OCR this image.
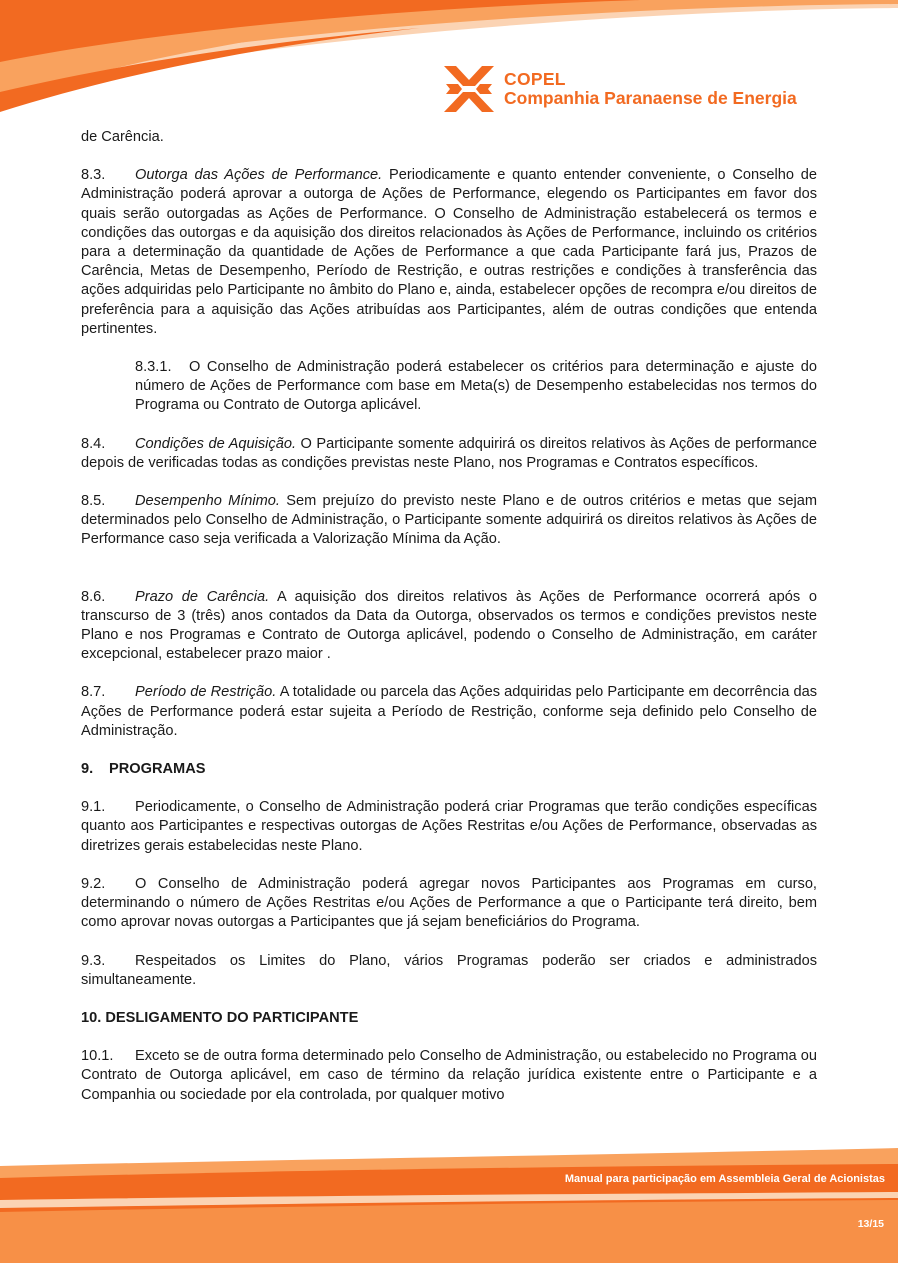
COPEL
Companhia Paranaense de Energia

de Carência.

8.3. Outorga das Ações de Performance. Periodicamente e quanto entender conveniente, o Conselho de Administração poderá aprovar a outorga de Ações de Performance, elegendo os Participantes em favor dos quais serão outorgadas as Ações de Performance. O Conselho de Administração estabelecerá os termos e condições das outorgas e da aquisição dos direitos relacionados às Ações de Performance, incluindo os critérios para a determinação da quantidade de Ações de Performance a que cada Participante fará jus, Prazos de Carência, Metas de Desempenho, Período de Restrição, e outras restrições e condições à transferência das ações adquiridas pelo Participante no âmbito do Plano e, ainda, estabelecer opções de recompra e/ou direitos de preferência para a aquisição das Ações atribuídas aos Participantes, além de outras condições que entenda pertinentes.

8.3.1. O Conselho de Administração poderá estabelecer os critérios para determinação e ajuste do número de Ações de Performance com base em Meta(s) de Desempenho estabelecidas nos termos do Programa ou Contrato de Outorga aplicável.

8.4. Condições de Aquisição. O Participante somente adquirirá os direitos relativos às Ações de performance depois de verificadas todas as condições previstas neste Plano, nos Programas e Contratos específicos.

8.5. Desempenho Mínimo. Sem prejuízo do previsto neste Plano e de outros critérios e metas que sejam determinados pelo Conselho de Administração, o Participante somente adquirirá os direitos relativos às Ações de Performance caso seja verificada a Valorização Mínima da Ação.

8.6. Prazo de Carência. A aquisição dos direitos relativos às Ações de Performance ocorrerá após o transcurso de 3 (três) anos contados da Data da Outorga, observados os termos e condições previstos neste Plano e nos Programas e Contrato de Outorga aplicável, podendo o Conselho de Administração, em caráter excepcional, estabelecer prazo maior .

8.7. Período de Restrição. A totalidade ou parcela das Ações adquiridas pelo Participante em decorrência das Ações de Performance poderá estar sujeita a Período de Restrição, conforme seja definido pelo Conselho de Administração.

9. PROGRAMAS

9.1. Periodicamente, o Conselho de Administração poderá criar Programas que terão condições específicas quanto aos Participantes e respectivas outorgas de Ações Restritas e/ou Ações de Performance, observadas as diretrizes gerais estabelecidas neste Plano.

9.2. O Conselho de Administração poderá agregar novos Participantes aos Programas em curso, determinando o número de Ações Restritas e/ou Ações de Performance a que o Participante terá direito, bem como aprovar novas outorgas a Participantes que já sejam beneficiários do Programa.

9.3. Respeitados os Limites do Plano, vários Programas poderão ser criados e administrados simultaneamente.

10. DESLIGAMENTO DO PARTICIPANTE

10.1. Exceto se de outra forma determinado pelo Conselho de Administração, ou estabelecido no Programa ou Contrato de Outorga aplicável, em caso de término da relação jurídica existente entre o Participante e a Companhia ou sociedade por ela controlada, por qualquer motivo

Manual para participação em Assembleia Geral de Acionistas
13/15
